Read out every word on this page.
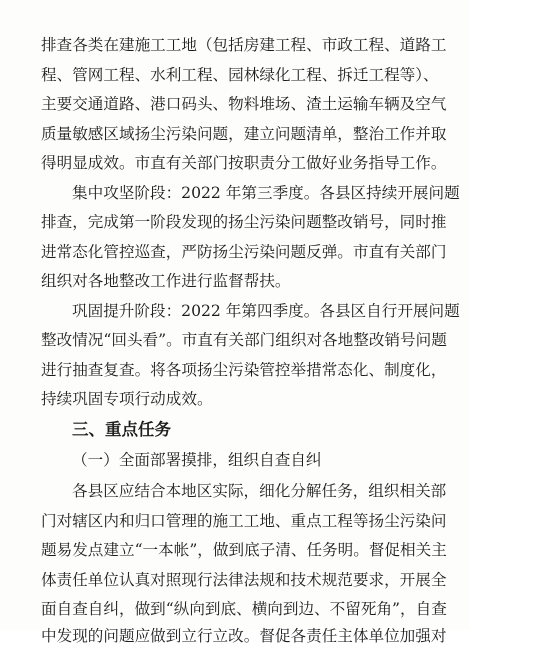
排查各类在建施工工地（包括房建工程、市政工程、道路工
程、管网工程、水利工程、园林绿化工程、拆迁工程等）、
主要交通道路、港口码头、物料堆场、渣土运输车辆及空气
质量敏感区域扬尘污染问题，建立问题清单，整治工作并取
得明显成效。市直有关部门按职责分工做好业务指导工作。
集中攻坚阶段：2022 年第三季度。各县区持续开展问题
排查，完成第一阶段发现的扬尘污染问题整改销号，同时推
进常态化管控巡查，严防扬尘污染问题反弹。市直有关部门
组织对各地整改工作进行监督帮扶。
巩固提升阶段：2022 年第四季度。各县区自行开展问题
整改情况“回头看”。市直有关部门组织对各地整改销号问题
进行抽查复查。将各项扬尘污染管控举措常态化、制度化，
持续巩固专项行动成效。
三、重点任务
（一）全面部署摸排，组织自查自纠
各县区应结合本地区实际，细化分解任务，组织相关部
门对辖区内和归口管理的施工工地、重点工程等扬尘污染问
题易发点建立“一本帐”，做到底子清、任务明。督促相关主
体责任单位认真对照现行法律法规和技术规范要求，开展全
面自查自纠，做到“纵向到底、横向到边、不留死角”，自查
中发现的问题应做到立行立改。督促各责任主体单位加强对
